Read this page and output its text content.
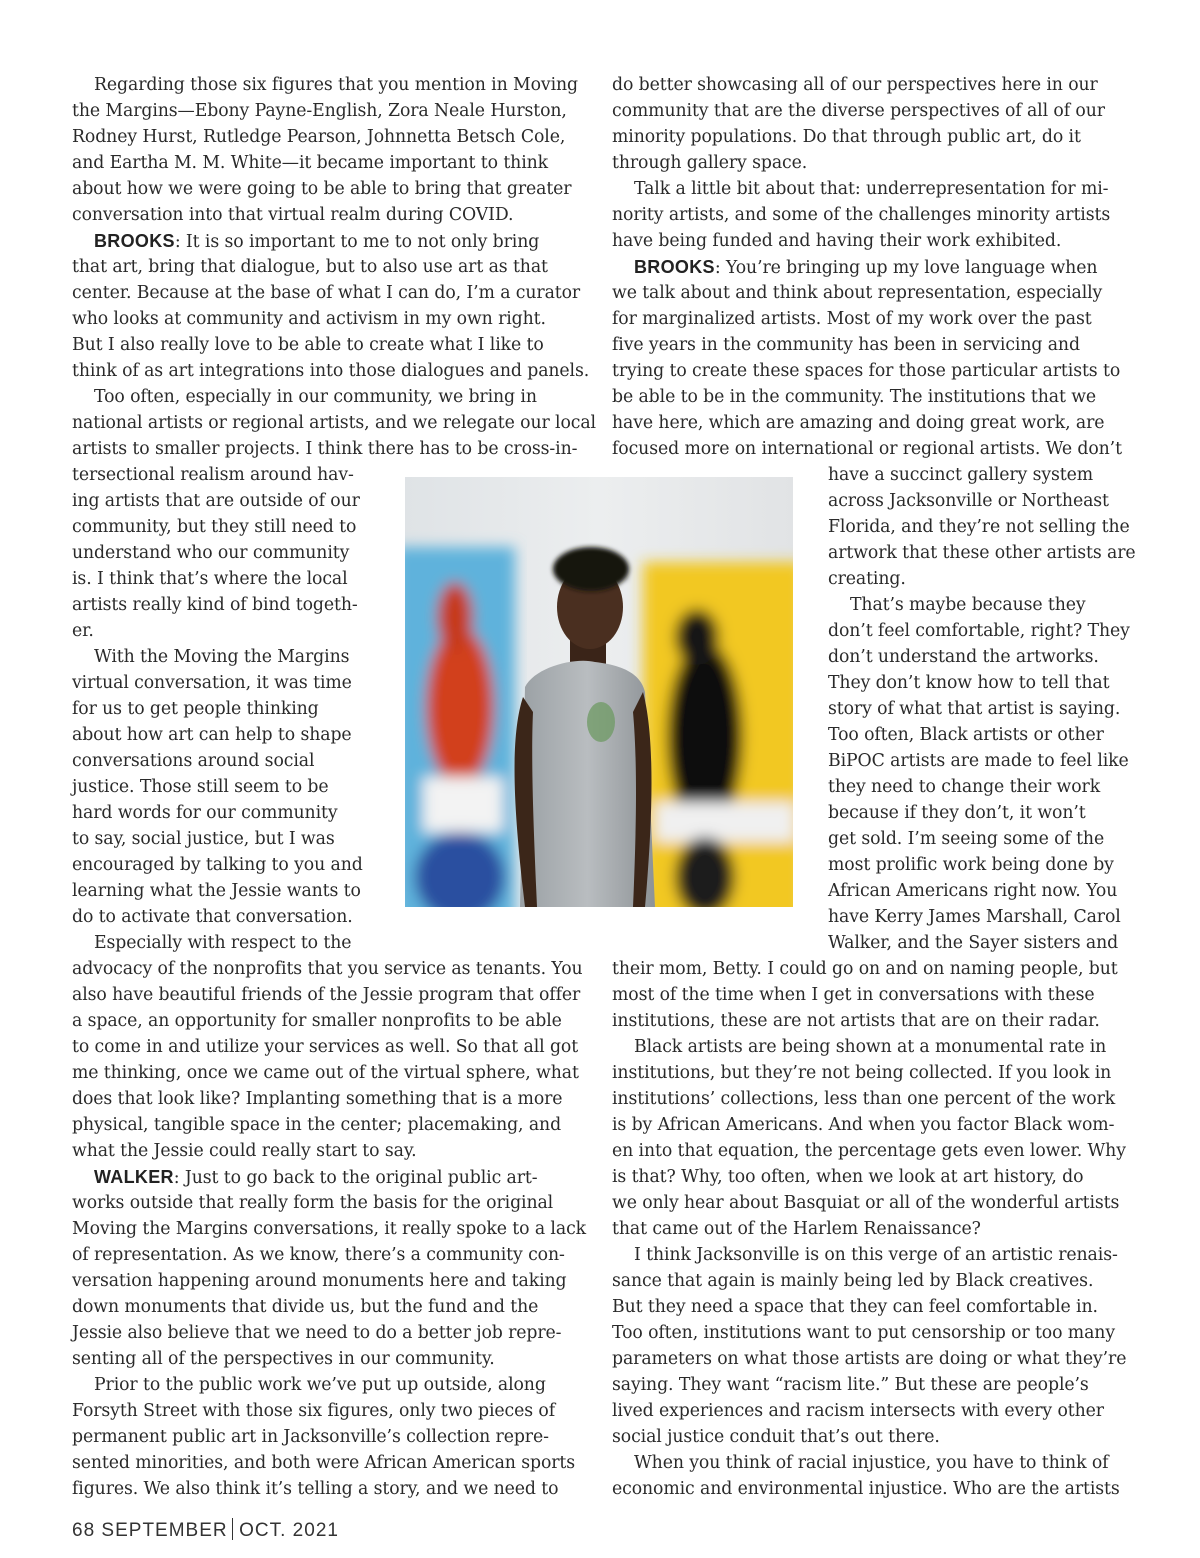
Regarding those six figures that you mention in Moving
the Margins—Ebony Payne-English, Zora Neale Hurston,
Rodney Hurst, Rutledge Pearson, Johnnetta Betsch Cole,
and Eartha M. M. White—it became important to think
about how we were going to be able to bring that greater
conversation into that virtual realm during COVID.
BROOKS: It is so important to me to not only bring
that art, bring that dialogue, but to also use art as that
center. Because at the base of what I can do, I’m a curator
who looks at community and activism in my own right.
But I also really love to be able to create what I like to
think of as art integrations into those dialogues and panels.
Too often, especially in our community, we bring in
national artists or regional artists, and we relegate our local
artists to smaller projects. I think there has to be cross-in-
tersectional realism around hav-
ing artists that are outside of our
community, but they still need to
understand who our community
is. I think that’s where the local
artists really kind of bind togeth-
er.
With the Moving the Margins
virtual conversation, it was time
for us to get people thinking
about how art can help to shape
conversations around social
justice. Those still seem to be
hard words for our community
to say, social justice, but I was
encouraged by talking to you and
learning what the Jessie wants to
do to activate that conversation.
Especially with respect to the
advocacy of the nonprofits that you service as tenants. You
also have beautiful friends of the Jessie program that offer
a space, an opportunity for smaller nonprofits to be able
to come in and utilize your services as well. So that all got
me thinking, once we came out of the virtual sphere, what
does that look like? Implanting something that is a more
physical, tangible space in the center; placemaking, and
what the Jessie could really start to say.
WALKER: Just to go back to the original public art-
works outside that really form the basis for the original
Moving the Margins conversations, it really spoke to a lack
of representation. As we know, there’s a community con-
versation happening around monuments here and taking
down monuments that divide us, but the fund and the
Jessie also believe that we need to do a better job repre-
senting all of the perspectives in our community.
Prior to the public work we’ve put up outside, along
Forsyth Street with those six figures, only two pieces of
permanent public art in Jacksonville’s collection repre-
sented minorities, and both were African American sports
figures. We also think it’s telling a story, and we need to
do better showcasing all of our perspectives here in our
community that are the diverse perspectives of all of our
minority populations. Do that through public art, do it
through gallery space.
Talk a little bit about that: underrepresentation for mi-
nority artists, and some of the challenges minority artists
have being funded and having their work exhibited.
BROOKS: You’re bringing up my love language when
we talk about and think about representation, especially
for marginalized artists. Most of my work over the past
five years in the community has been in servicing and
trying to create these spaces for those particular artists to
be able to be in the community. The institutions that we
have here, which are amazing and doing great work, are
focused more on international or regional artists. We don’t
have a succinct gallery system
across Jacksonville or Northeast
Florida, and they’re not selling the
artwork that these other artists are
creating.
That’s maybe because they
don’t feel comfortable, right? They
don’t understand the artworks.
They don’t know how to tell that
story of what that artist is saying.
Too often, Black artists or other
BiPOC artists are made to feel like
they need to change their work
because if they don’t, it won’t
get sold. I’m seeing some of the
most prolific work being done by
African Americans right now. You
have Kerry James Marshall, Carol
Walker, and the Sayer sisters and
their mom, Betty. I could go on and on naming people, but
most of the time when I get in conversations with these
institutions, these are not artists that are on their radar.
Black artists are being shown at a monumental rate in
institutions, but they’re not being collected. If you look in
institutions’ collections, less than one percent of the work
is by African Americans. And when you factor Black wom-
en into that equation, the percentage gets even lower. Why
is that? Why, too often, when we look at art history, do
we only hear about Basquiat or all of the wonderful artists
that came out of the Harlem Renaissance?
I think Jacksonville is on this verge of an artistic renais-
sance that again is mainly being led by Black creatives.
But they need a space that they can feel comfortable in.
Too often, institutions want to put censorship or too many
parameters on what those artists are doing or what they’re
saying. They want “racism lite.” But these are people’s
lived experiences and racism intersects with every other
social justice conduit that’s out there.
When you think of racial injustice, you have to think of
economic and environmental injustice. Who are the artists
68 SEPTEMBER OCT. 2021
